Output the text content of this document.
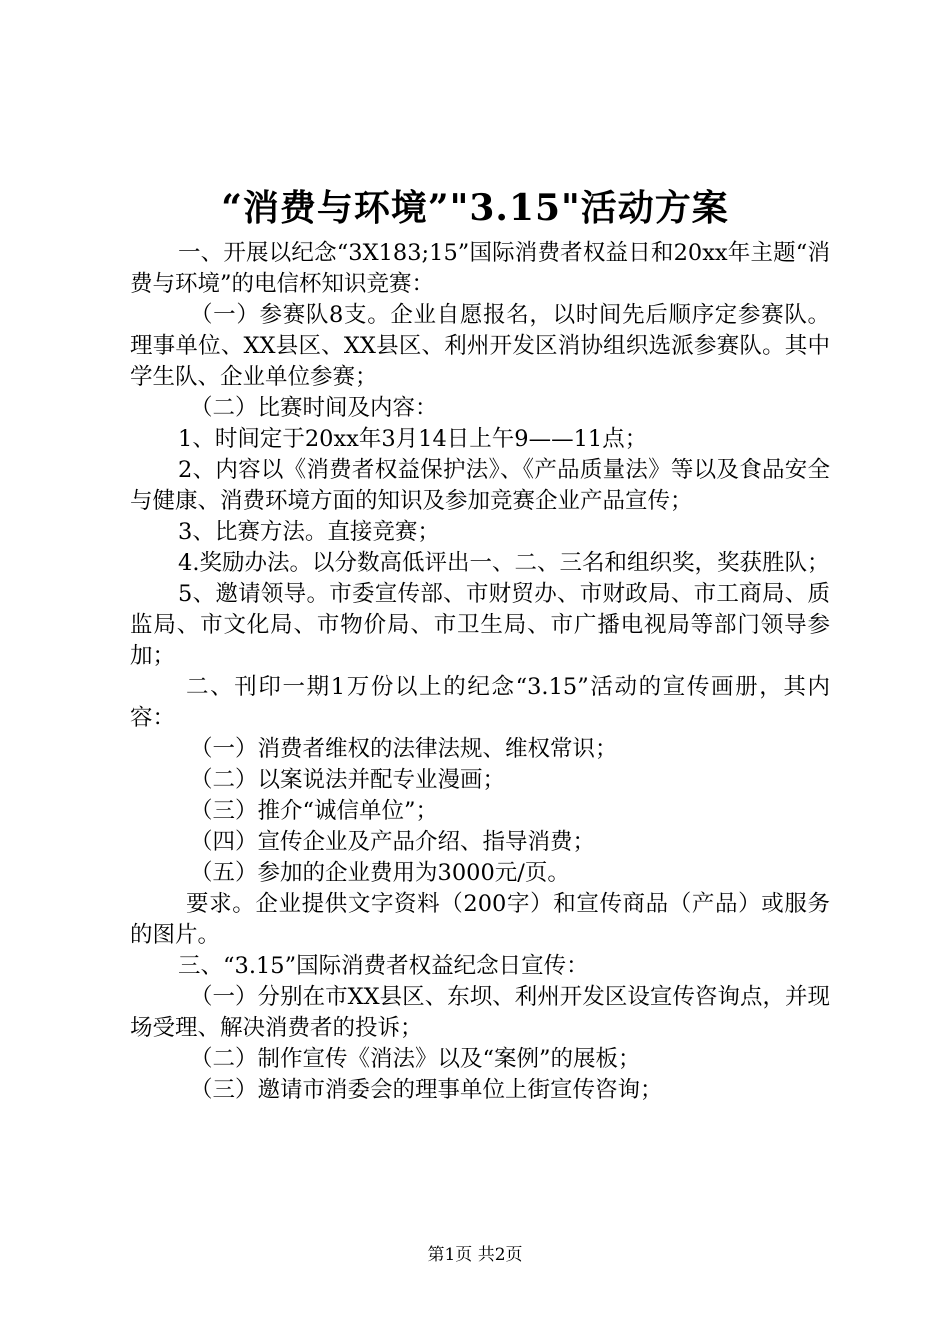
“消费与环境”"3.15"活动方案

一、开展以纪念“3X183;15”国际消费者权益日和20xx年主题“消费与环境”的电信杯知识竞赛：

（一）参赛队8支。企业自愿报名，以时间先后顺序定参赛队。理事单位、XX县区、XX县区、利州开发区消协组织选派参赛队。其中学生队、企业单位参赛；

（二）比赛时间及内容：

1、时间定于20xx年3月14日上午9——11点；

2、内容以《消费者权益保护法》、《产品质量法》等以及食品安全与健康、消费环境方面的知识及参加竞赛企业产品宣传；

3、比赛方法。直接竞赛；

4.奖励办法。以分数高低评出一、二、三名和组织奖，奖获胜队；

5、邀请领导。市委宣传部、市财贸办、市财政局、市工商局、质监局、市文化局、市物价局、市卫生局、市广播电视局等部门领导参加；

二、刊印一期1万份以上的纪念“3.15”活动的宣传画册，其内容：

（一）消费者维权的法律法规、维权常识；

（二）以案说法并配专业漫画；

（三）推介“诚信单位”；

（四）宣传企业及产品介绍、指导消费；

（五）参加的企业费用为3000元/页。

要求。企业提供文字资料（200字）和宣传商品（产品）或服务的图片。

三、“3.15”国际消费者权益纪念日宣传：

（一）分别在市XX县区、东坝、利州开发区设宣传咨询点，并现场受理、解决消费者的投诉；

（二）制作宣传《消法》以及“案例”的展板；

（三）邀请市消委会的理事单位上街宣传咨询；

第1页 共2页
